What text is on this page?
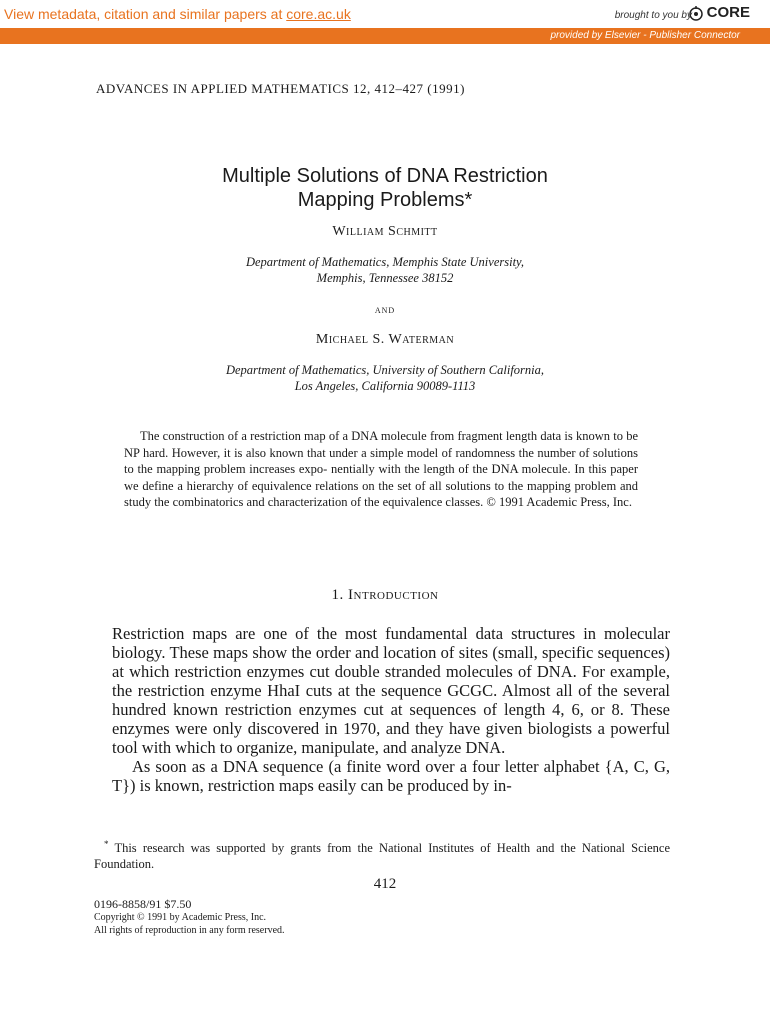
View metadata, citation and similar papers at core.ac.uk	brought to you by CORE
provided by Elsevier - Publisher Connector
ADVANCES IN APPLIED MATHEMATICS 12, 412–427 (1991)
Multiple Solutions of DNA Restriction
Mapping Problems*
William Schmitt
Department of Mathematics, Memphis State University,
Memphis, Tennessee 38152
and
Michael S. Waterman
Department of Mathematics, University of Southern California,
Los Angeles, California 90089-1113
The construction of a restriction map of a DNA molecule from fragment length data is known to be NP hard. However, it is also known that under a simple model of randomness the number of solutions to the mapping problem increases expo- nentially with the length of the DNA molecule. In this paper we define a hierarchy of equivalence relations on the set of all solutions to the mapping problem and study the combinatorics and characterization of the equivalence classes. © 1991 Academic Press, Inc.
1. Introduction

Restriction maps are one of the most fundamental data structures in molecular biology. These maps show the order and location of sites (small, specific sequences) at which restriction enzymes cut double stranded molecules of DNA. For example, the restriction enzyme HhaI cuts at the sequence GCGC. Almost all of the several hundred known restriction enzymes cut at sequences of length 4, 6, or 8. These enzymes were only discovered in 1970, and they have given biologists a powerful tool with which to organize, manipulate, and analyze DNA.

As soon as a DNA sequence (a finite word over a four letter alphabet {A, C, G, T}) is known, restriction maps easily can be produced by in-

* This research was supported by grants from the National Institutes of Health and the National Science Foundation.
412
0196-8858/91 $7.50
Copyright © 1991 by Academic Press, Inc.
All rights of reproduction in any form reserved.
